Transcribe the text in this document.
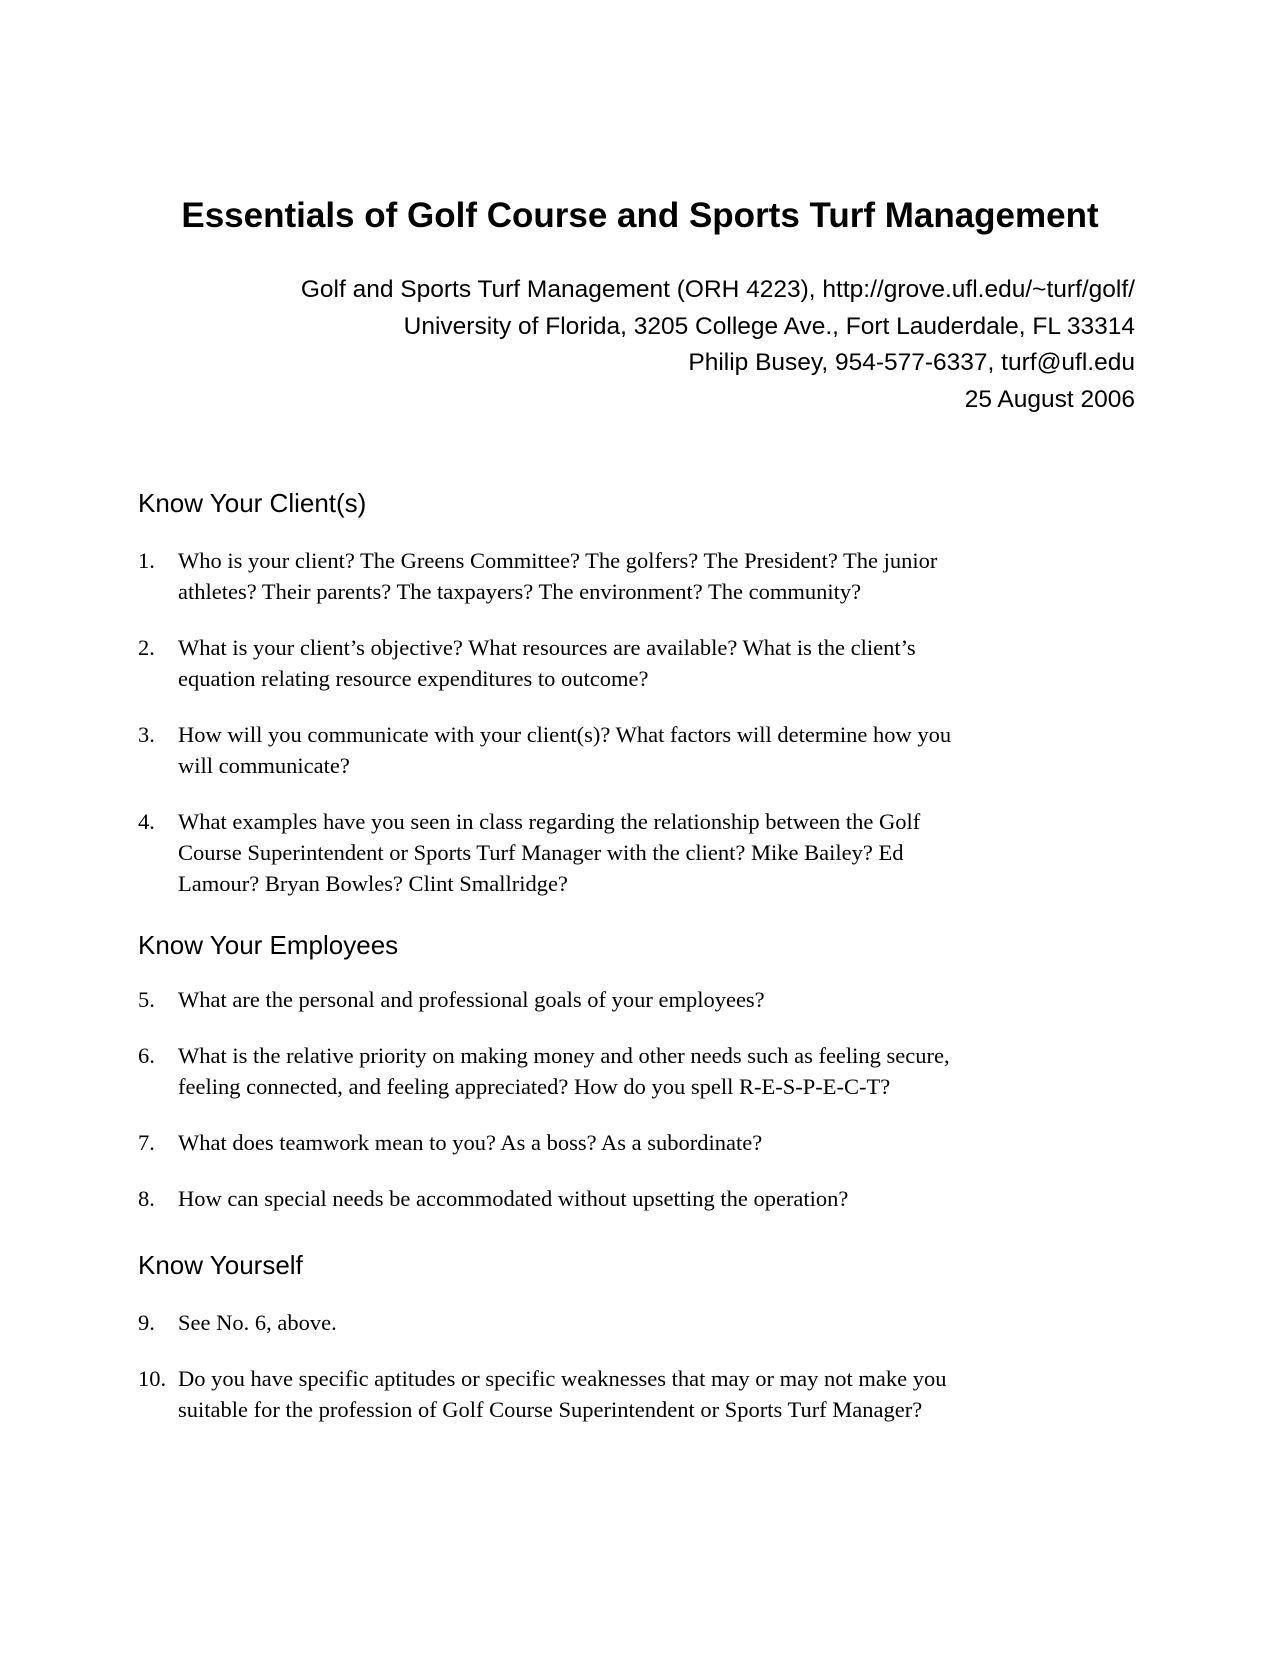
Essentials of Golf Course and Sports Turf Management
Golf and Sports Turf Management (ORH 4223), http://grove.ufl.edu/~turf/golf/
University of Florida, 3205 College Ave., Fort Lauderdale, FL 33314
Philip Busey, 954-577-6337, turf@ufl.edu
25 August 2006
Know Your Client(s)
1.	Who is your client? The Greens Committee? The golfers? The President? The junior
athletes? Their parents? The taxpayers? The environment? The community?
2.	What is your client’s objective? What resources are available? What is the client’s
equation relating resource expenditures to outcome?
3.	How will you communicate with your client(s)? What factors will determine how you
will communicate?
4.	What examples have you seen in class regarding the relationship between the Golf
Course Superintendent or Sports Turf Manager with the client? Mike Bailey? Ed
Lamour? Bryan Bowles? Clint Smallridge?
Know Your Employees
5.	What are the personal and professional goals of your employees?
6.	What is the relative priority on making money and other needs such as feeling secure,
feeling connected, and feeling appreciated? How do you spell R-E-S-P-E-C-T?
7.	What does teamwork mean to you? As a boss? As a subordinate?
8.	How can special needs be accommodated without upsetting the operation?
Know Yourself
9.	See No. 6, above.
10. Do you have specific aptitudes or specific weaknesses that may or may not make you
suitable for the profession of Golf Course Superintendent or Sports Turf Manager?
